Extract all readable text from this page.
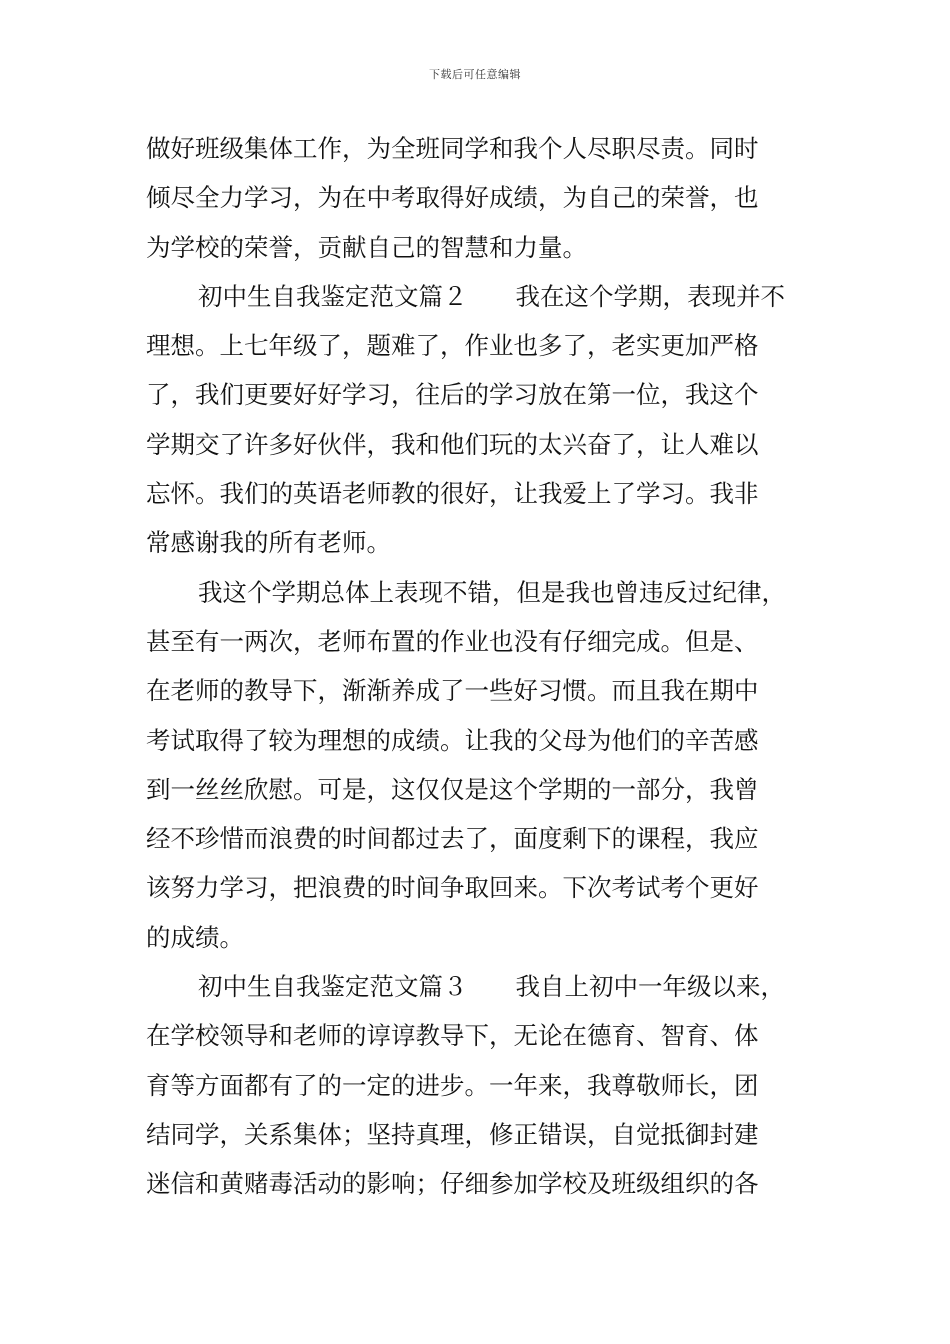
下载后可任意编辑
做好班级集体工作，为全班同学和我个人尽职尽责。同时
倾尽全力学习，为在中考取得好成绩，为自己的荣誉，也
为学校的荣誉，贡献自己的智慧和力量。
初中生自我鉴定范文篇２ 我在这个学期，表现并不
理想。上七年级了，题难了，作业也多了，老实更加严格
了，我们更要好好学习，往后的学习放在第一位，我这个
学期交了许多好伙伴，我和他们玩的太兴奋了，让人难以
忘怀。我们的英语老师教的很好，让我爱上了学习。我非
常感谢我的所有老师。
我这个学期总体上表现不错，但是我也曾违反过纪律，
甚至有一两次，老师布置的作业也没有仔细完成。但是、
在老师的教导下，渐渐养成了一些好习惯。而且我在期中
考试取得了较为理想的成绩。让我的父母为他们的辛苦感
到一丝丝欣慰。可是，这仅仅是这个学期的一部分，我曾
经不珍惜而浪费的时间都过去了，面度剩下的课程，我应
该努力学习，把浪费的时间争取回来。下次考试考个更好
的成绩。
初中生自我鉴定范文篇３ 我自上初中一年级以来，
在学校领导和老师的谆谆教导下，无论在德育、智育、体
育等方面都有了的一定的进步。一年来，我尊敬师长，团
结同学，关系集体；坚持真理，修正错误，自觉抵御封建
迷信和黄赌毒活动的影响；仔细参加学校及班级组织的各
